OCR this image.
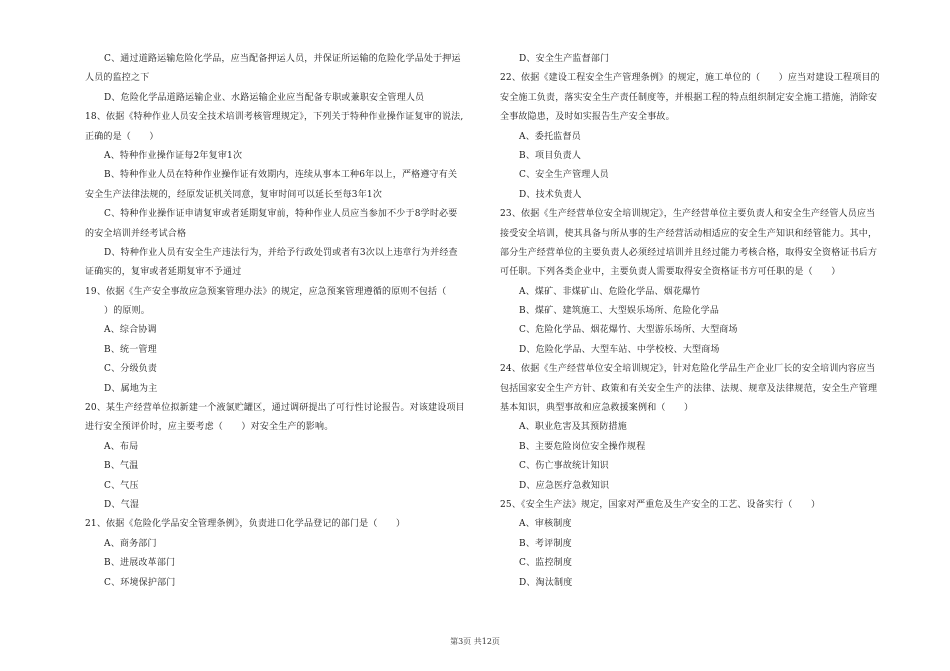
C、通过道路运输危险化学品，应当配备押运人员，并保证所运输的危险化学品处于押运
人员的监控之下
D、危险化学品道路运输企业、水路运输企业应当配备专职或兼职安全管理人员
18、依据《特种作业人员安全技术培训考核管理规定》，下列关于特种作业操作证复审的说法,
正确的是（　　）
A、特种作业操作证每2年复审1次
B、特种作业人员在特种作业操作证有效期内，连续从事本工种6年以上，严格遵守有关
安全生产法律法规的，经原发证机关同意，复审时间可以延长至每3年1次
C、特种作业操作证申请复审或者延期复审前，特种作业人员应当参加不少于8学时必要
的安全培训并经考试合格
D、特种作业人员有安全生产违法行为，并给予行政处罚或者有3次以上违章行为并经查
证确实的，复审或者延期复审不予通过
19、依据《生产安全事故应急预案管理办法》的规定，应急预案管理遵循的原则不包括（
）的原则。
A、综合协调
B、统一管理
C、分级负责
D、属地为主
20、某生产经营单位拟新建一个液氯贮罐区，通过调研提出了可行性讨论报告。对该建设项目
进行安全预评价时，应主要考虑（　　）对安全生产的影响。
A、布局
B、气温
C、气压
D、气湿
21、依据《危险化学品安全管理条例》，负责进口化学品登记的部门是（　　）
A、商务部门
B、进展改革部门
C、环境保护部门
D、安全生产监督部门
22、依据《建设工程安全生产管理条例》的规定，施工单位的（　　）应当对建设工程项目的
安全施工负责，落实安全生产责任制度等，并根据工程的特点组织制定安全施工措施，消除安
全事故隐患，及时如实报告生产安全事故。
A、委托监督员
B、项目负责人
C、安全生产管理人员
D、技术负责人
23、依据《生产经营单位安全培训规定》，生产经营单位主要负责人和安全生产经管人员应当
接受安全培训，使其具备与所从事的生产经营活动相适应的安全生产知识和经管能力。其中，
部分生产经营单位的主要负责人必须经过培训并且经过能力考核合格，取得安全资格证书后方
可任职。下列各类企业中，主要负责人需要取得安全资格证书方可任职的是（　　）
A、煤矿、非煤矿山、危险化学品、烟花爆竹
B、煤矿、建筑施工、大型娱乐场所、危险化学品
C、危险化学品、烟花爆竹、大型游乐场所、大型商场
D、危险化学品、大型车站、中学校校、大型商场
24、依据《生产经营单位安全培训规定》，针对危险化学品生产企业厂长的安全培训内容应当
包括国家安全生产方针、政策和有关安全生产的法律、法规、规章及法律规范，安全生产管理
基本知识，典型事故和应急救援案例和（　　）
A、职业危害及其预防措施
B、主要危险岗位安全操作规程
C、伤亡事故统计知识
D、应急医疗急救知识
25、《安全生产法》规定，国家对严重危及生产安全的工艺、设备实行（　　）
A、审核制度
B、考评制度
C、监控制度
D、淘汰制度
第3页 共12页
